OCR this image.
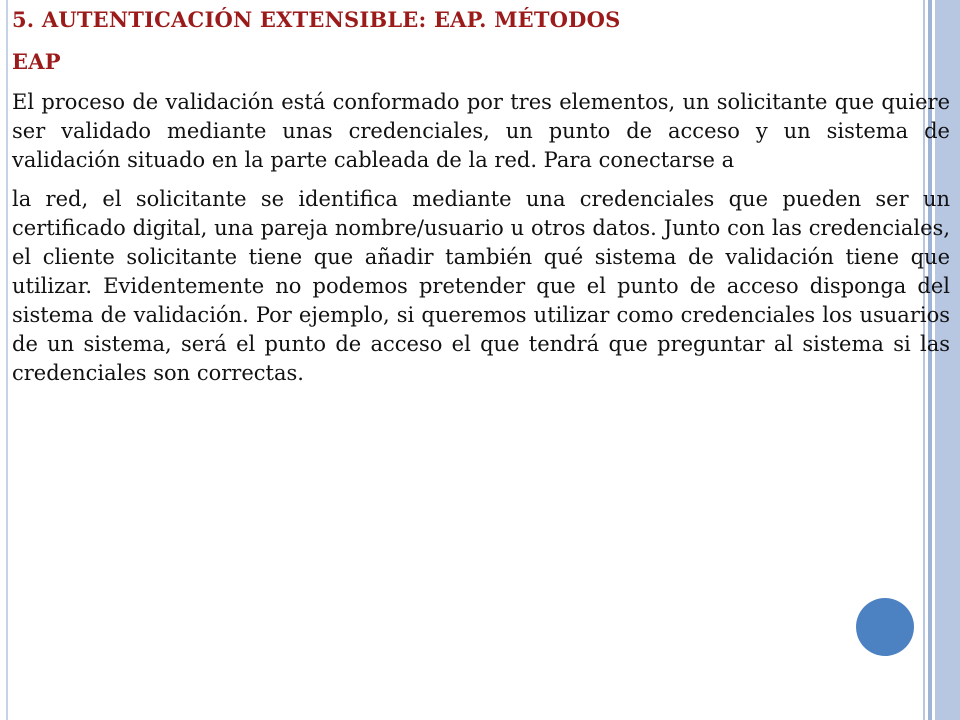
5. AUTENTICACIÓN EXTENSIBLE: EAP. MÉTODOS
EAP

El proceso de validación está conformado por tres elementos, un solicitante que quiere ser validado mediante unas credenciales, un punto de acceso y un sistema de validación situado en la parte cableada de la red. Para conectarse a

la red, el solicitante se identifica mediante una credenciales que pueden ser un certificado digital, una pareja nombre/usuario u otros datos. Junto con las credenciales, el cliente solicitante tiene que añadir también qué sistema de validación tiene que utilizar. Evidentemente no podemos pretender que el punto de acceso disponga del sistema de validación. Por ejemplo, si queremos utilizar como credenciales los usuarios de un sistema, será el punto de acceso el que tendrá que preguntar al sistema si las credenciales son correctas.
